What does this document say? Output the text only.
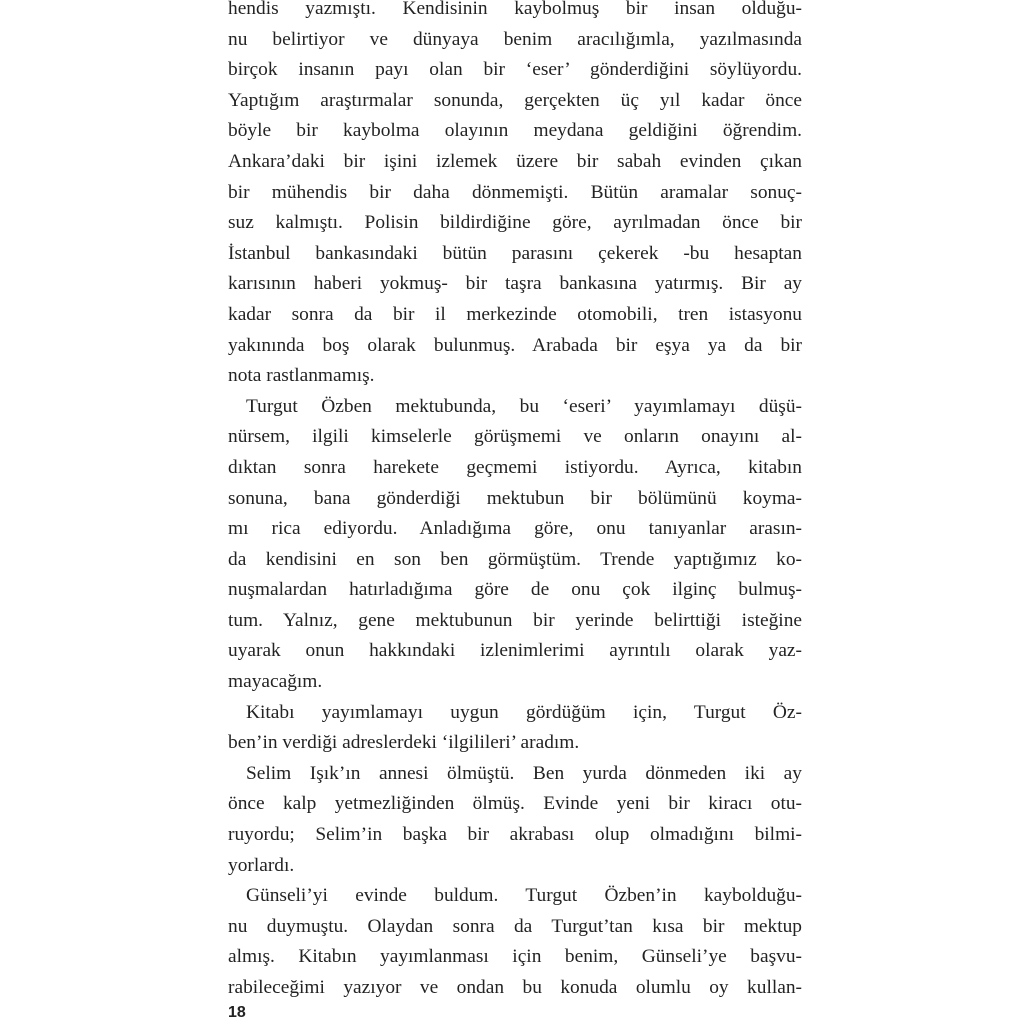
hendis yazmıştı. Kendisinin kaybolmuş bir insan olduğu-
nu belirtiyor ve dünyaya benim aracılığımla, yazılmasında
birçok insanın payı olan bir ‘eser’ gönderdiğini söylüyordu.
Yaptığım araştırmalar sonunda, gerçekten üç yıl kadar önce
böyle bir kaybolma olayının meydana geldiğini öğrendim.
Ankara’daki bir işini izlemek üzere bir sabah evinden çıkan
bir mühendis bir daha dönmemişti. Bütün aramalar sonuç-
suz kalmıştı. Polisin bildirdiğine göre, ayrılmadan önce bir
İstanbul bankasındaki bütün parasını çekerek -bu hesaptan
karısının haberi yokmuş- bir taşra bankasına yatırmış. Bir ay
kadar sonra da bir il merkezinde otomobili, tren istasyonu
yakınında boş olarak bulunmuş. Arabada bir eşya ya da bir
nota rastlanmamış.
Turgut Özben mektubunda, bu ‘eseri’ yayımlamayı düşü-
nürsem, ilgili kimselerle görüşmemi ve onların onayını al-
dıktan sonra harekete geçmemi istiyordu. Ayrıca, kitabın
sonuna, bana gönderdiği mektubun bir bölümünü koyma-
mı rica ediyordu. Anladığıma göre, onu tanıyanlar arasın-
da kendisini en son ben görmüştüm. Trende yaptığımız ko-
nuşmalardan hatırladığıma göre de onu çok ilginç bulmuş-
tum. Yalnız, gene mektubunun bir yerinde belirttiği isteğine
uyarak onun hakkındaki izlenimlerimi ayrıntılı olarak yaz-
mayacağım.
Kitabı yayımlamayı uygun gördüğüm için, Turgut Öz-
ben’in verdiği adreslerdeki ‘ilgilileri’ aradım.
Selim Işık’ın annesi ölmüştü. Ben yurda dönmeden iki ay
önce kalp yetmezliğinden ölmüş. Evinde yeni bir kiracı otu-
ruyordu; Selim’in başka bir akrabası olup olmadığını bilmi-
yorlardı.
Günseli’yi evinde buldum. Turgut Özben’in kaybolduğu-
nu duymuştu. Olaydan sonra da Turgut’tan kısa bir mektup
almış. Kitabın yayımlanması için benim, Günseli’ye başvu-
rabileceğimi yazıyor ve ondan bu konuda olumlu oy kullan-
18
